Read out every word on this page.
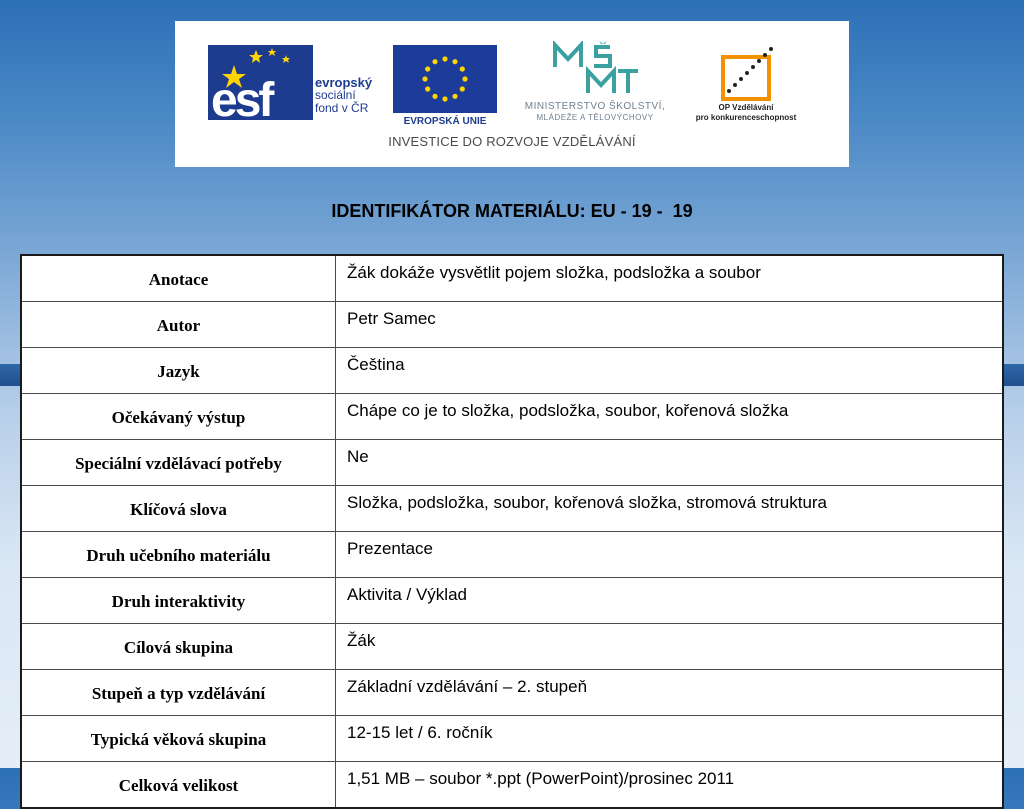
esf	evropský
sociální
fond v ČR
EVROPSKÁ UNIE
MINISTERSTVO ŠKOLSTVÍ,
MLÁDEŽE A TĚLOVÝCHOVY
OP Vzdělávání
pro konkurenceschopnost
INVESTICE DO ROZVOJE VZDĚLÁVÁNÍ
IDENTIFIKÁTOR MATERIÁLU: EU - 19 -  19
Anotace	Žák dokáže vysvětlit pojem složka, podsložka a soubor
Autor	Petr Samec
Jazyk	Čeština
Očekávaný výstup	Chápe co je to složka, podsložka, soubor, kořenová složka
Speciální vzdělávací potřeby	Ne
Klíčová slova	Složka, podsložka, soubor, kořenová složka, stromová struktura
Druh učebního materiálu	Prezentace
Druh interaktivity	Aktivita / Výklad
Cílová skupina	Žák
Stupeň a typ vzdělávání	Základní vzdělávání – 2. stupeň
Typická věková skupina	12-15 let / 6. ročník
Celková velikost	1,51 MB – soubor *.ppt (PowerPoint)/prosinec 2011
